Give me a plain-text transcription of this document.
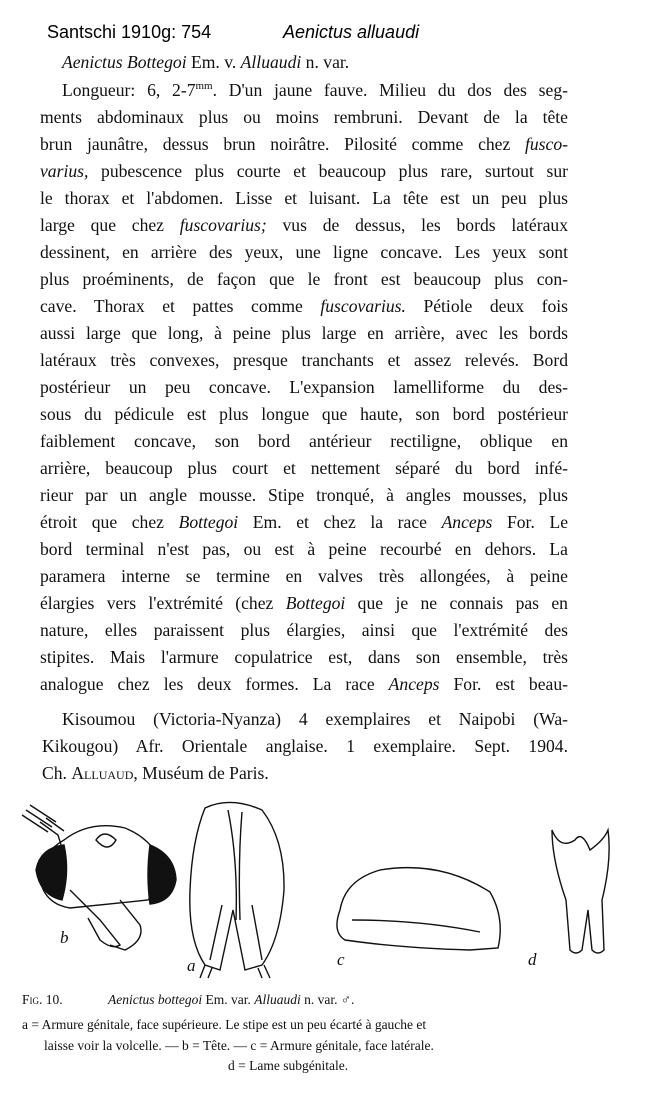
Santschi 1910g: 754	Aenictus alluaudi
Aenictus Bottegoi Em. v. Alluaudi n. var.
Longueur: 6, $2-7^{mm}$. D'un jaune fauve. Milieu du dos des seg-
ments abdominaux plus ou moins rembruni. Devant de la tête
brun jaunâtre, dessus brun noirâtre. Pilosité comme chez fusco-
varius, pubescence plus courte et beaucoup plus rare, surtout sur
le thorax et l'abdomen. Lisse et luisant. La tête est un peu plus
large que chez fuscovarius; vus de dessus, les bords latéraux
dessinent, en arrière des yeux, une ligne concave. Les yeux sont
plus proéminents, de façon que le front est beaucoup plus con-
cave. Thorax et pattes comme fuscovarius. Pétiole deux fois
aussi large que long, à peine plus large en arrière, avec les bords
latéraux très convexes, presque tranchants et assez relevés. Bord
postérieur un peu concave. L'expansion lamelliforme du des-
sous du pédicule est plus longue que haute, son bord postérieur
faiblement concave, son bord antérieur rectiligne, oblique en
arrière, beaucoup plus court et nettement séparé du bord infé-
rieur par un angle mousse. Stipe tronqué, à angles mousses, plus
étroit que chez Bottegoi Em. et chez la race Anceps For. Le
bord terminal n'est pas, ou est à peine recourbé en dehors. La
paramera interne se termine en valves très allongées, à peine
élargies vers l'extrémité (chez Bottegoi que je ne connais pas en
nature, elles paraissent plus élargies, ainsi que l'extrémité des
stipites. Mais l'armure copulatrice est, dans son ensemble, très
analogue chez les deux formes. La race Anceps For. est beau-
Kisoumou (Victoria-Nyanza) 4 exemplaires et Naipobi (Wa-
Kikougou) Afr. Orientale anglaise. 1 exemplaire. Sept. 1904.
Ch. Alluaud, Muséum de Paris.
b
a	c	d
Fig. 10.	Aenictus bottegoi Em. var. Alluaudi n. var. ♂.
a = Armure génitale, face supérieure. Le stipe est un peu écarté à gauche et
laisse voir la volcelle. — b = Tête. — c = Armure génitale, face latérale.
d = Lame subgénitale.
